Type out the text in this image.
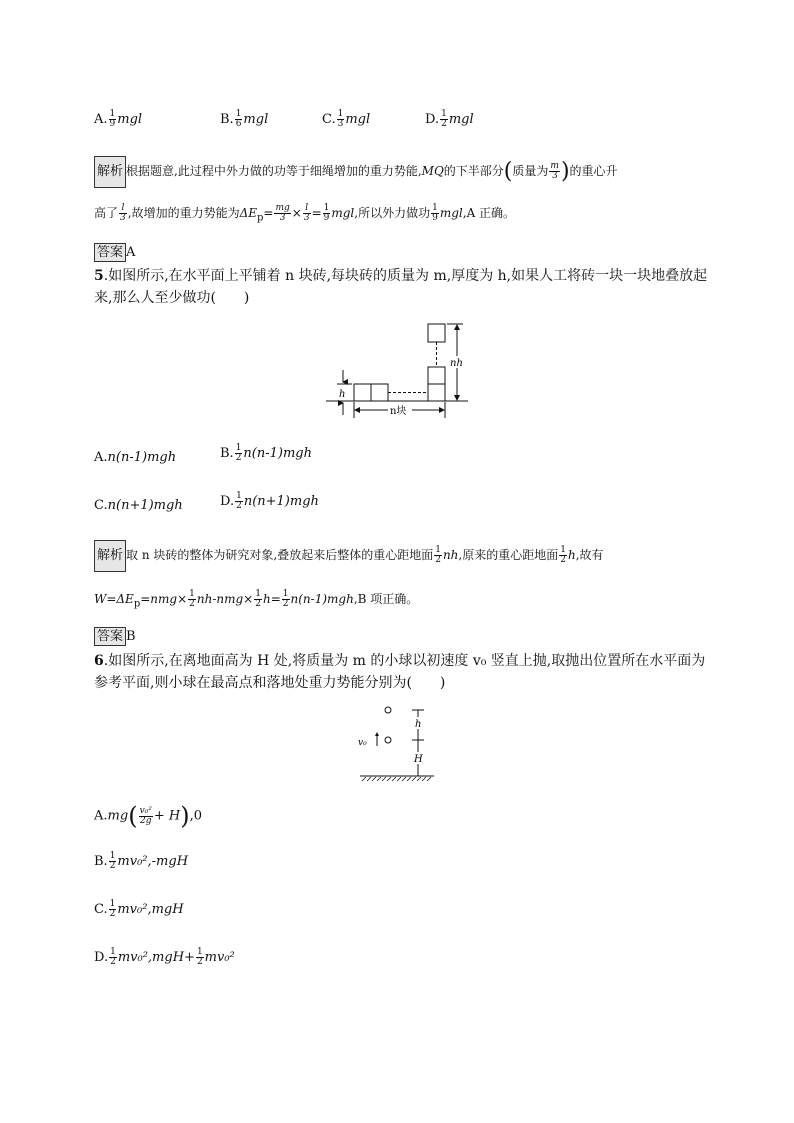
A. $\frac{1}{9}$ mgl	B. $\frac{1}{6}$ mgl	C. $\frac{1}{3}$ mgl	D. $\frac{1}{2}$ mgl
解析 根据题意,此过程中外力做的功等于细绳增加的重力势能,MQ的下半部分(质量为 $\frac{m}{3}$ )的重心升
高了 $\frac{l}{3}$ ,故增加的重力势能为$\Delta E_p= \frac{mg}{3} \times \frac{l}{3} = \frac{1}{9}$ mgl,所以外力做功 $\frac{1}{9} mgl,A$ 正确。
答案 A
5.如图所示,在水平面上平铺着 n 块砖,每块砖的质量为 m,厚度为 h,如果人工将砖一块一块地叠放起
来,那么人至少做功(　　)
h
nh
n块
A.n(n-1)mgh	B. $\frac{1}{2} n(n-1)mgh$
C.n(n+1)mgh	D. $\frac{1}{2} n(n+1)mgh$
解析 取 n 块砖的整体为研究对象,叠放起来后整体的重心距地面 $\frac{1}{2}$ nh,原来的重心距地面 $\frac{1}{2} h$,故有
$W=\Delta E_p=nmg\times \frac{1}{2} nh-nmg\times \frac{1}{2} h= \frac{1}{2} n(n-1)mgh,B$ 项正确。
答案 B
6.如图所示,在离地面高为 H 处,将质量为 m 的小球以初速度 v₀ 竖直上抛,取抛出位置所在水平面为
参考平面,则小球在最高点和落地处重力势能分别为(　　)
v₀
h
H
$A.mg( \frac{\text{v₀²}}{2g} + H),0$
B. $\frac{1}{2} mv_0^2,-mgH$
C. $\frac{1}{2} mv_0^2,mgH$
D. $\frac{1}{2} mv_0^2,mgH+ \frac{1}{2} mv_0^2$
